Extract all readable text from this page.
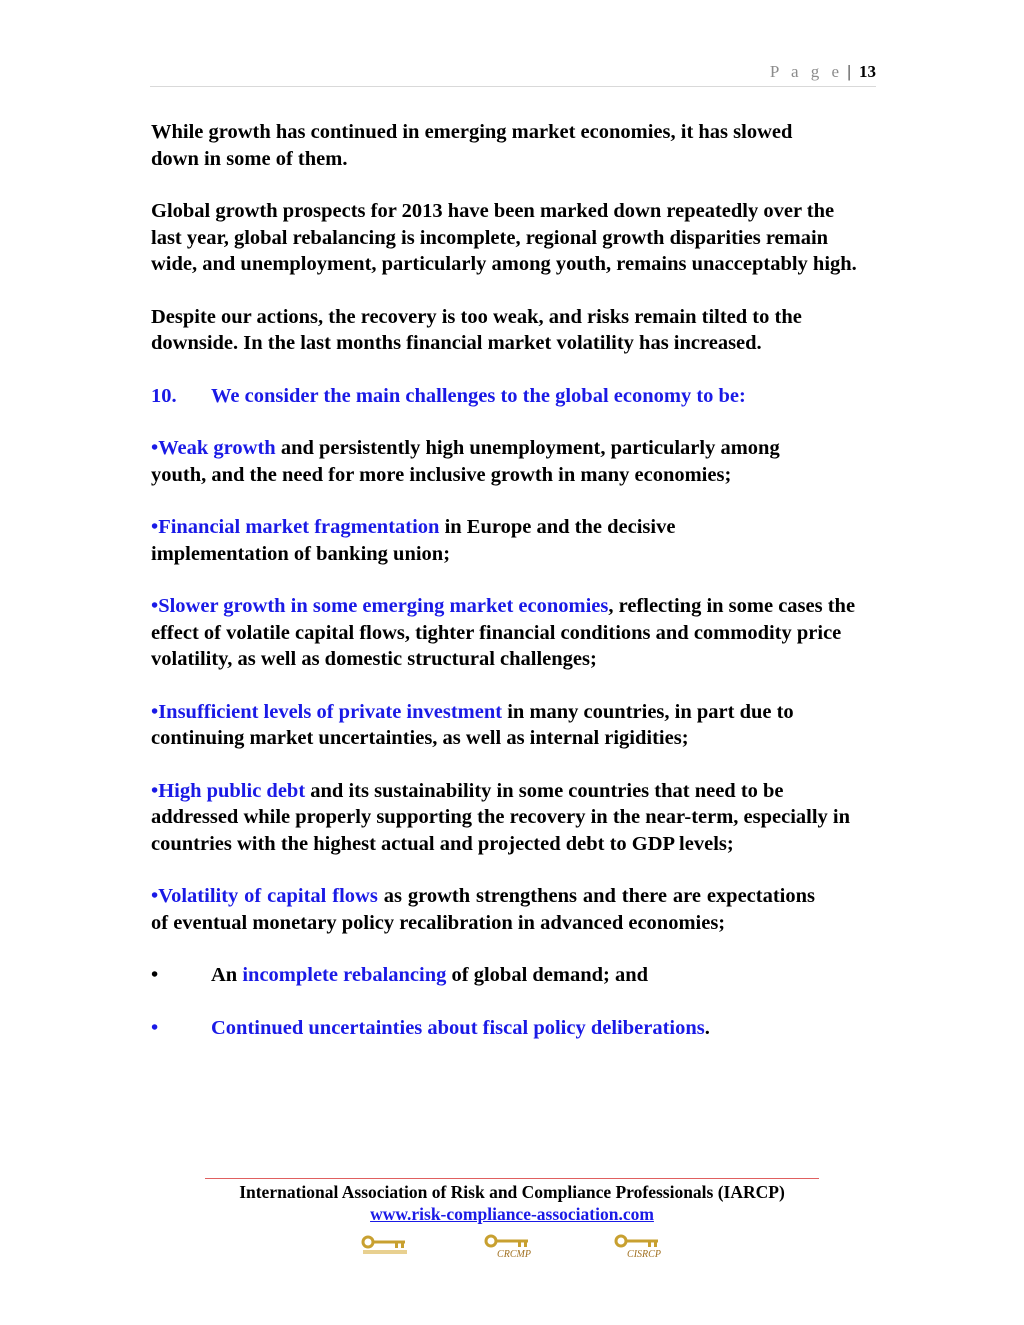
P a g e | 13

While growth has continued in emerging market economies, it has slowed down in some of them.

Global growth prospects for 2013 have been marked down repeatedly over the last year, global rebalancing is incomplete, regional growth disparities remain wide, and unemployment, particularly among youth, remains unacceptably high.

Despite our actions, the recovery is too weak, and risks remain tilted to the downside. In the last months financial market volatility has increased.

10. We consider the main challenges to the global economy to be:

•Weak growth and persistently high unemployment, particularly among youth, and the need for more inclusive growth in many economies;

•Financial market fragmentation in Europe and the decisive implementation of banking union;

•Slower growth in some emerging market economies, reflecting in some cases the effect of volatile capital flows, tighter financial conditions and commodity price volatility, as well as domestic structural challenges;

•Insufficient levels of private investment in many countries, in part due to continuing market uncertainties, as well as internal rigidities;

•High public debt and its sustainability in some countries that need to be addressed while properly supporting the recovery in the near-term, especially in countries with the highest actual and projected debt to GDP levels;

•Volatility of capital flows as growth strengthens and there are expectations of eventual monetary policy recalibration in advanced economies;

•	An incomplete rebalancing of global demand; and

•	Continued uncertainties about fiscal policy deliberations.

International Association of Risk and Compliance Professionals (IARCP)
www.risk-compliance-association.com
CRCMP	CISRCP
